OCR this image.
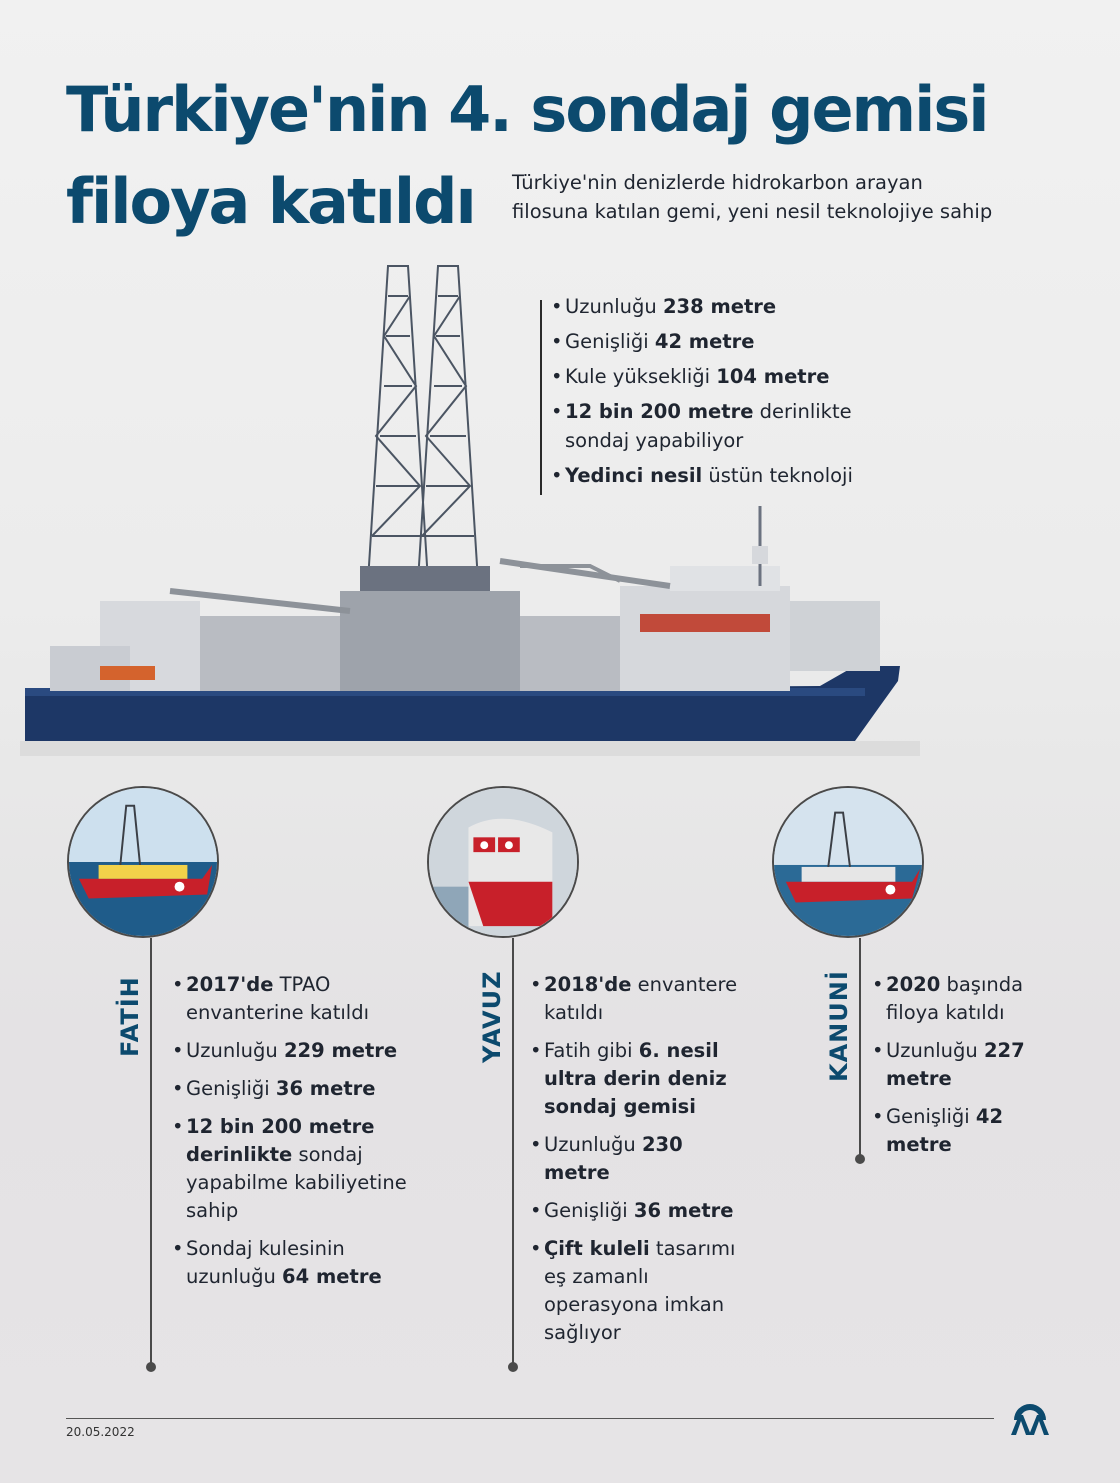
Türkiye'nin 4. sondaj gemisi
filoya katıldı	Türkiye'nin denizlerde hidrokarbon arayan
filosuna katılan gemi, yeni nesil teknolojiye sahip

• Uzunluğu 238 metre
• Genişliği 42 metre
• Kule yüksekliği 104 metre
• 12 bin 200 metre derinlikte sondaj yapabiliyor
• Yedinci nesil üstün teknoloji
FATİH	• 2017'de TPAO envanterine katıldı
• Uzunluğu 229 metre
• Genişliği 36 metre
• 12 bin 200 metre derinlikte sondaj yapabilme kabiliyetine sahip
• Sondaj kulesinin uzunluğu 64 metre
YAVUZ	• 2018'de envantere katıldı
• Fatih gibi 6. nesil ultra derin deniz sondaj gemisi
• Uzunluğu 230 metre
• Genişliği 36 metre
• Çift kuleli tasarımı eş zamanlı operasyona imkan sağlıyor
KANUNİ	• 2020 başında filoya katıldı
• Uzunluğu 227 metre
• Genişliği 42 metre
20.05.2022
